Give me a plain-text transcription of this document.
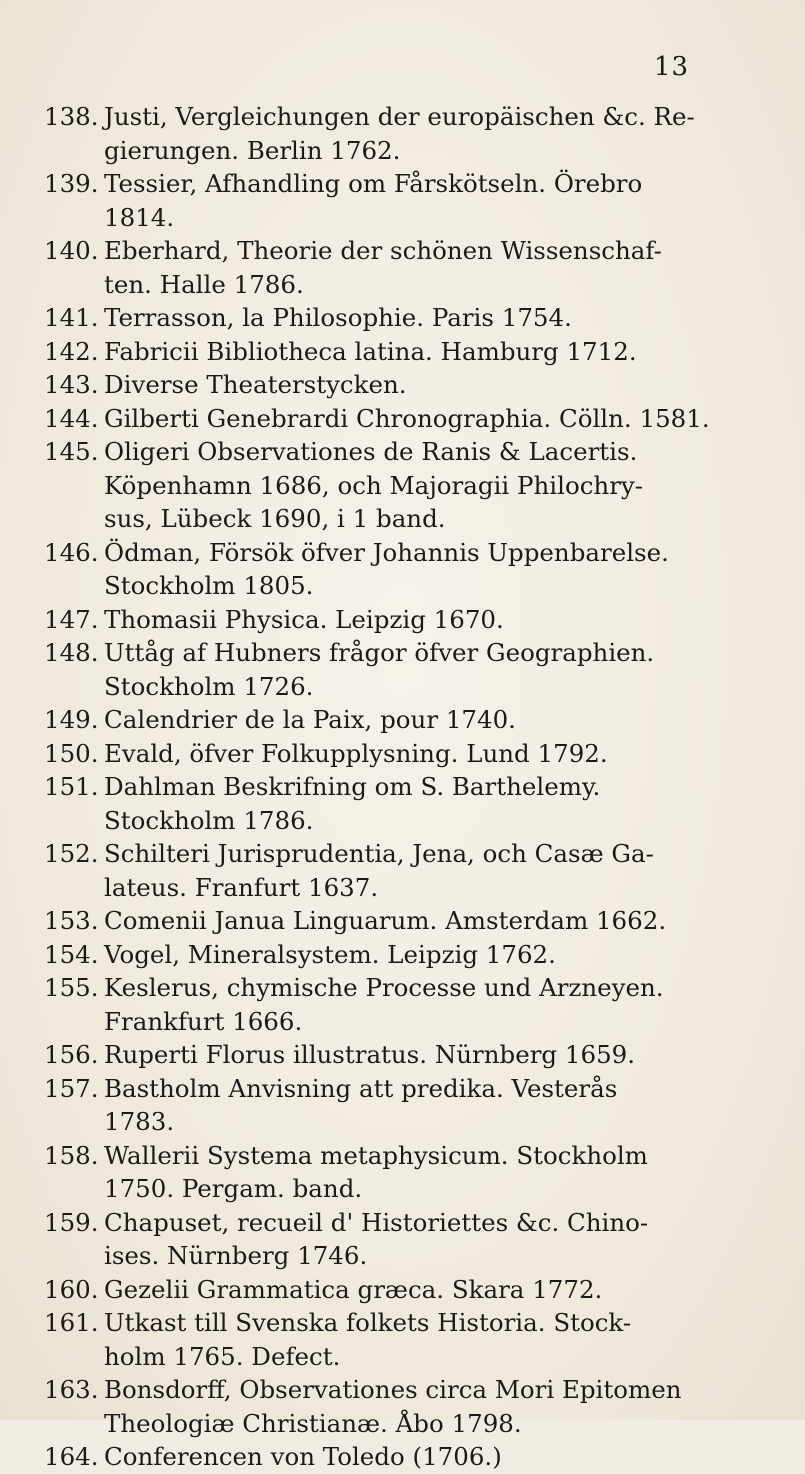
13
138. Justi, Vergleichungen der europäischen &c. Re-
gierungen. Berlin 1762.
139. Tessier, Afhandling om Fårskötseln. Örebro
1814.
140. Eberhard, Theorie der schönen Wissenschaf-
ten. Halle 1786.
141. Terrasson, la Philosophie. Paris 1754.
142. Fabricii Bibliotheca latina. Hamburg 1712.
143. Diverse Theaterstycken.
144. Gilberti Genebrardi Chronographia. Cölln. 1581.
145. Oligeri Observationes de Ranis & Lacertis.
Köpenhamn 1686, och Majoragii Philochry-
sus, Lübeck 1690, i 1 band.
146. Ödman, Försök öfver Johannis Uppenbarelse.
Stockholm 1805.
147. Thomasii Physica. Leipzig 1670.
148. Uttåg af Hubners frågor öfver Geographien.
Stockholm 1726.
149. Calendrier de la Paix, pour 1740.
150. Evald, öfver Folkupplysning. Lund 1792.
151. Dahlman Beskrifning om S. Barthelemy.
Stockholm 1786.
152. Schilteri Jurisprudentia, Jena, och Casæ Ga-
lateus. Franfurt 1637.
153. Comenii Janua Linguarum. Amsterdam 1662.
154. Vogel, Mineralsystem. Leipzig 1762.
155. Keslerus, chymische Processe und Arzneyen.
Frankfurt 1666.
156. Ruperti Florus illustratus. Nürnberg 1659.
157. Bastholm Anvisning att predika. Vesterås
1783.
158. Wallerii Systema metaphysicum. Stockholm
1750. Pergam. band.
159. Chapuset, recueil d' Historiettes &c. Chino-
ises. Nürnberg 1746.
160. Gezelii Grammatica græca. Skara 1772.
161. Utkast till Svenska folkets Historia. Stock-
holm 1765. Defect.
163. Bonsdorff, Observationes circa Mori Epitomen
Theologiæ Christianæ. Åbo 1798.
164. Conferencen von Toledo (1706.)
